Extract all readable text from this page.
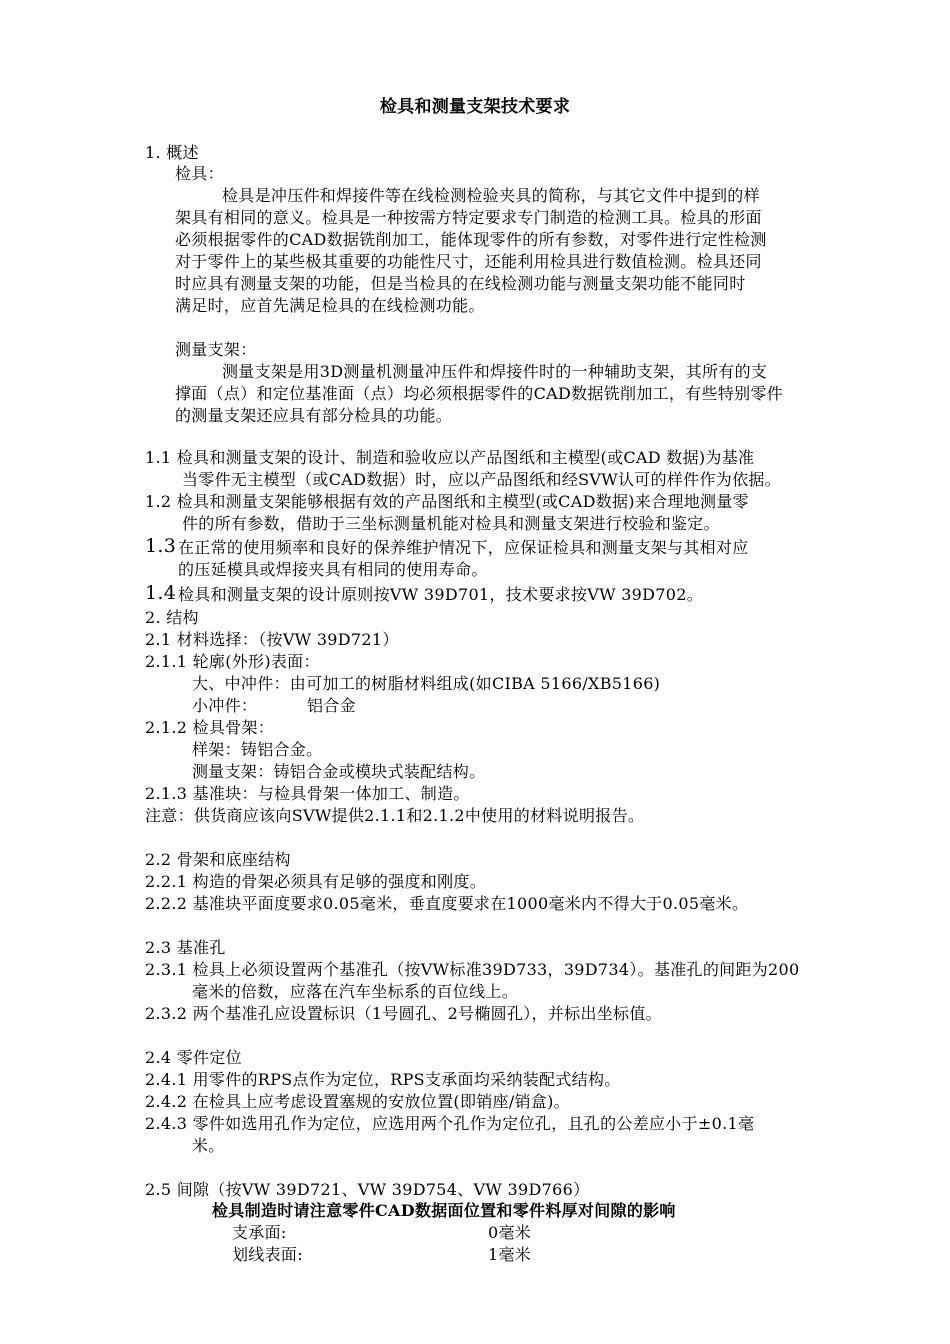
检具和测量支架技术要求
1. 概述
检具：
检具是冲压件和焊接件等在线检测检验夹具的简称，与其它文件中提到的样
架具有相同的意义。检具是一种按需方特定要求专门制造的检测工具。检具的形面
必须根据零件的CAD数据铣削加工，能体现零件的所有参数，对零件进行定性检测
对于零件上的某些极其重要的功能性尺寸，还能利用检具进行数值检测。检具还同
时应具有测量支架的功能，但是当检具的在线检测功能与测量支架功能不能同时
满足时，应首先满足检具的在线检测功能。
测量支架：
测量支架是用3D测量机测量冲压件和焊接件时的一种辅助支架，其所有的支
撑面（点）和定位基准面（点）均必须根据零件的CAD数据铣削加工，有些特别零件
的测量支架还应具有部分检具的功能。
1.1 检具和测量支架的设计、制造和验收应以产品图纸和主模型(或CAD 数据)为基准
当零件无主模型（或CAD数据）时，应以产品图纸和经SVW认可的样件作为依据。
1.2 检具和测量支架能够根据有效的产品图纸和主模型(或CAD数据)来合理地测量零
件的所有参数，借助于三坐标测量机能对检具和测量支架进行校验和鉴定。
1.3 在正常的使用频率和良好的保养维护情况下，应保证检具和测量支架与其相对应
的压延模具或焊接夹具有相同的使用寿命。
1.4 检具和测量支架的设计原则按VW 39D701，技术要求按VW 39D702。
2. 结构
2.1 材料选择：（按VW 39D721）
2.1.1 轮廓(外形)表面：
大、中冲件：由可加工的树脂材料组成(如CIBA 5166/XB5166)
小冲件：	铝合金
2.1.2 检具骨架：
样架：铸铝合金。
测量支架：铸铝合金或模块式装配结构。
2.1.3 基准块：与检具骨架一体加工、制造。
注意：供货商应该向SVW提供2.1.1和2.1.2中使用的材料说明报告。
2.2 骨架和底座结构
2.2.1 构造的骨架必须具有足够的强度和刚度。
2.2.2 基准块平面度要求0.05毫米，垂直度要求在1000毫米内不得大于0.05毫米。
2.3 基准孔
2.3.1 检具上必须设置两个基准孔（按VW标准39D733，39D734）。基准孔的间距为200
毫米的倍数，应落在汽车坐标系的百位线上。
2.3.2 两个基准孔应设置标识（1号圆孔、2号椭圆孔），并标出坐标值。
2.4 零件定位
2.4.1 用零件的RPS点作为定位，RPS支承面均采纳装配式结构。
2.4.2 在检具上应考虑设置塞规的安放位置(即销座/销盒)。
2.4.3 零件如选用孔作为定位，应选用两个孔作为定位孔，且孔的公差应小于±0.1毫
米。
2.5 间隙（按VW 39D721、VW 39D754、VW 39D766）
检具制造时请注意零件CAD数据面位置和零件料厚对间隙的影响
支承面:	0毫米
划线表面:	1毫米
